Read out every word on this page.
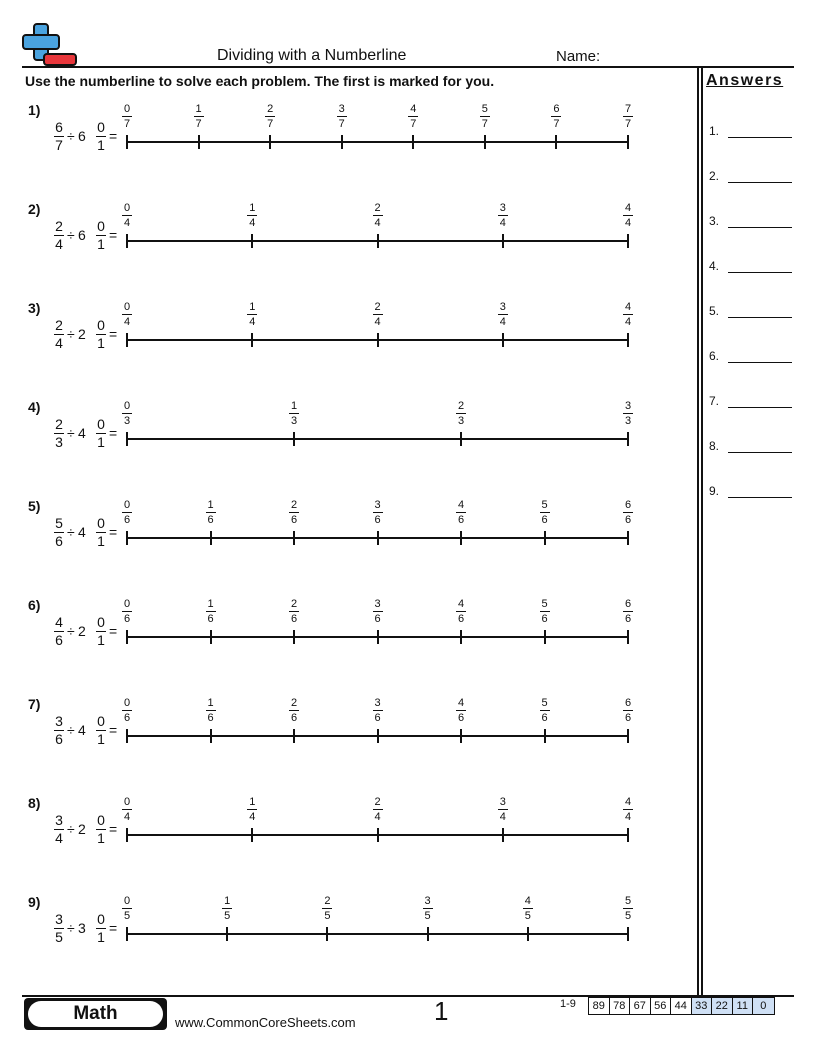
Dividing with a Numberline	Name:
Use the numberline to solve each problem. The first is marked for you.	Answers
1.
2.
3.
4.
5.
6.
7.
8.
9.
1)
6
7
÷ 6
0
1
=
0
7
1
7
2
7
3
7
4
7
5
7
6
7
7
7
2)
2
4
÷ 6
0
1
=
0
4
1
4
2
4
3
4
4
4
3)
2
4
÷ 2
0
1
=
0
4
1
4
2
4
3
4
4
4
4)
2
3
÷ 4
0
1
=
0
3
1
3
2
3
3
3
5)
5
6
÷ 4
0
1
=
0
6
1
6
2
6
3
6
4
6
5
6
6
6
6)
4
6
÷ 2
0
1
=
0
6
1
6
2
6
3
6
4
6
5
6
6
6
7)
3
6
÷ 4
0
1
=
0
6
1
6
2
6
3
6
4
6
5
6
6
6
8)
3
4
÷ 2
0
1
=
0
4
1
4
2
4
3
4
4
4
9)
3
5
÷ 3
0
1
=
0
5
1
5
2
5
3
5
4
5
5
5
Math	www.CommonCoreSheets.com	1	1-9	89 78 67 56 44 33 22 11	0
